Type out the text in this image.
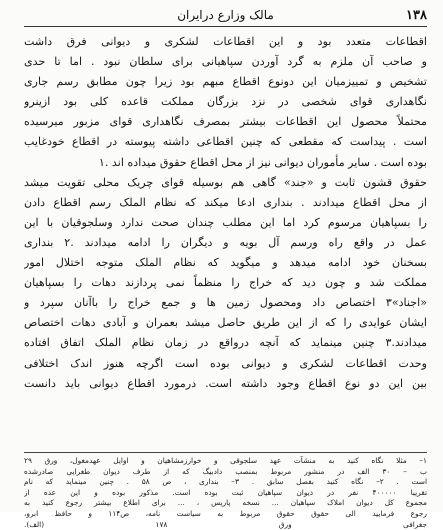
۱۳۸
مالک وزارع درایران

اقطاعات متعدد بود و این اقطاعات لشکری و دیوانی فرق داشت

و صاحب آن ملزم به گرد آوردن سپاهیانی برای سلطان نبود . اما تا حدی

تشخیص و تمییزمیان این دونوع اقطاع مبهم بود زیرا چون مطابق رسم جاری

نگاهداری قوای شخصی در نزد بزرگان مملکت قاعده کلی بود ازینرو

محتملاً محصول این اقطاعات بیشتر بمصرف نگاهداری قوای مزبور میرسیده

است . پیداست که مقطعی که چنین اقطاعی داشته پیوسته در اقطاع خودغایب

بوده است . سایر مأموران دیوانی نیز از محل اقطاع حقوق میداده اند .۱

حقوق قشون ثابت و «جند» گاهی هم بوسیله قوای چریک محلی تقویت میشد

از محل اقطاع میدادند . بنداری ادعا میکند که نظام الملک رسم اقطاع دادن

را بسپاهیان مرسوم کرد اما این مطلب چندان صحت ندارد وسلجوقیان با این

عمل در واقع راه ورسم آل بویه و دیگران را ادامه میدادند .۲ بنداری

بسخنان خود ادامه میدهد و میگوید که نظام الملک متوجه اختلال امور

مملکت شد و چون دید که خراج را منظماً نمی پردازند دهات را بسپاهیان

«اجناد»۳ اختصاص داد ومحصول زمین ها و جمع خراج را باآنان سپرد و

ایشان عوایدی را که از این طریق حاصل میشد بعمران و آبادی دهات اختصاص

میدادند.۳ چنین مینماید که آنچه درواقع در زمان نظام الملک اتفاق افتاده

وحدت اقطاعات لشکری و دیوانی بوده است اگرچه هنوز اندک اختلافی

بین این دو نوع اقطاع وجود داشته است. درمورد اقطاع دیوانی باید دانست

۱– مثلا نگاه کنید به منشآت عهد سلجوقی و خوارزمشاهیان و اوایل عهدمغول، ورق ۲۹

ب – ۳۰ الف در منشور مربوط بمنصب دادبیگ که از طرف دیوان طغرایی صادرشده

است . ۲– نگاه کنید بفصل سابق . ۳– بنداری ، ص ۵۸ . چنین مینماید که نام

تقریبا ۴۰۰۰۰۰ نفر در دیوان سپاهیان ثبت بوده است. مذکور بوده و این عده از

مجموع کل دیوان املاک سپاهیان ... نسخه پاریس ، ... برای اطلاع بیشتر رجوع کنید به

رجوع فرمایید الی حقوق حقوق مربوط به سیاست نامه، ص۱۱۴ و حافظ ابرو،

جغرافی ورق ۱۷۸ (الف).
